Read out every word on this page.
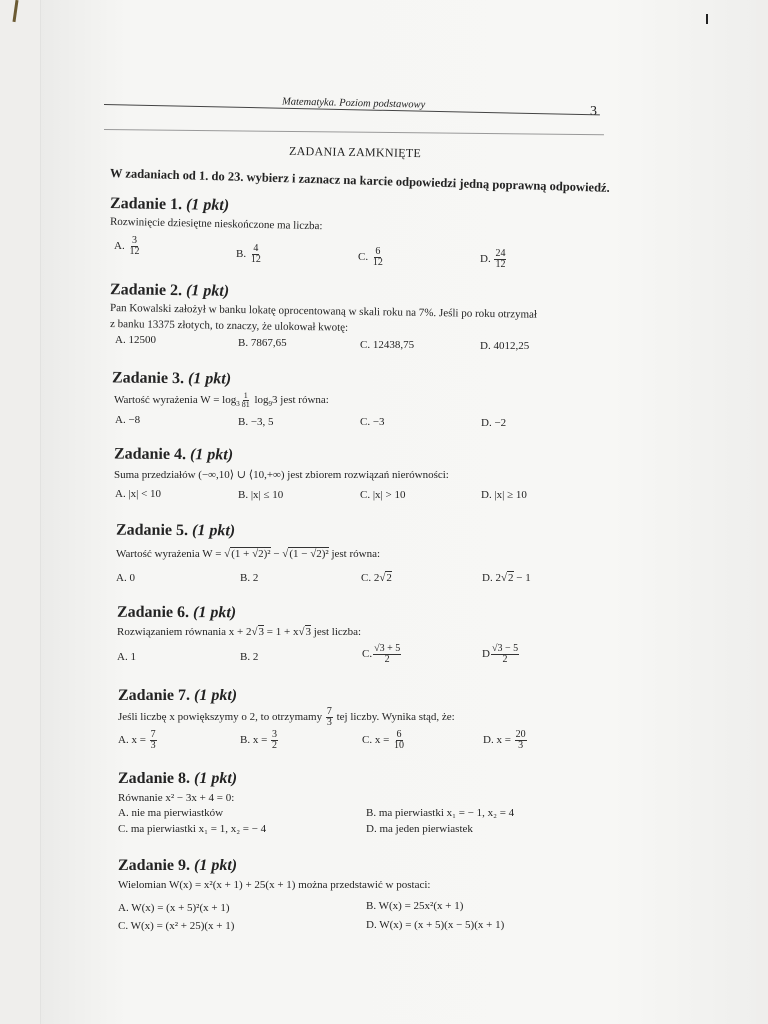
Matematyka. Poziom podstawowy
3
ZADANIA ZAMKNIĘTE
W zadaniach od 1. do 23. wybierz i zaznacz na karcie odpowiedzi jedną poprawną odpowiedź.
Zadanie 1. (1 pkt)
Rozwinięcie dziesiętne nieskończone ma liczba:
A. $\frac{3}{12}$	B. $\frac{4}{12}$	C. $\frac{6}{12}$	D. $\frac{24}{12}$
Zadanie 2. (1 pkt)
Pan Kowalski założył w banku lokatę oprocentowaną w skali roku na 7%. Jeśli po roku otrzymał
z banku 13375 złotych, to znaczy, że ulokował kwotę:
A. 12500	B. 7867,65	C. 12438,75	D. 4012,25
Zadanie 3. (1 pkt)
Wartość wyrażenia $W = \log_3 \frac{1}{81} \log_93$ jest równa:
A. −8	B. −3, 5	C. −3	D. −2
Zadanie 4. (1 pkt)
Suma przedziałów (−∞,10⟩ ∪ ⟨10,+∞) jest zbiorem rozwiązań nierówności:
A. |x| < 10	B. |x| ≤ 10	C. |x| > 10	D. |x| ≥ 10
Zadanie 5. (1 pkt)
Wartość wyrażenia W = √(1 + √2)² − √(1 − √2)² jest równa:
A. 0	B. 2	C. 2√2	D. 2√2 − 1
Zadanie 6. (1 pkt)
Rozwiązaniem równania x + 2√3 = 1 + x√3 jest liczba:
A. 1	B. 2	C. $\frac{√3 + 5}{2}$	D $\frac{√3 - 5}{2}$
Zadanie 7. (1 pkt)
Jeśli liczbę x powiększymy o 2, to otrzymamy $\frac{7}{3}$ tej liczby. Wynika stąd, że:
A. $x = \frac{7}{3}$	B. $x = \frac{3}{2}$	C. $x = \frac{6}{10}$	D. $x = \frac{20}{3}$
Zadanie 8. (1 pkt)
Równanie x² − 3x + 4 = 0:
A. nie ma pierwiastków	B. ma pierwiastki x₁ = − 1, x₂ = 4
C. ma pierwiastki x₁ = 1, x₂ = − 4	D. ma jeden pierwiastek
Zadanie 9. (1 pkt)
Wielomian W(x) = x²(x + 1) + 25(x + 1) można przedstawić w postaci:
A. W(x) = (x + 5)²(x + 1)	B. W(x) = 25x²(x + 1)
C. W(x) = (x² + 25)(x + 1)	D. W(x) = (x + 5)(x − 5)(x + 1)
